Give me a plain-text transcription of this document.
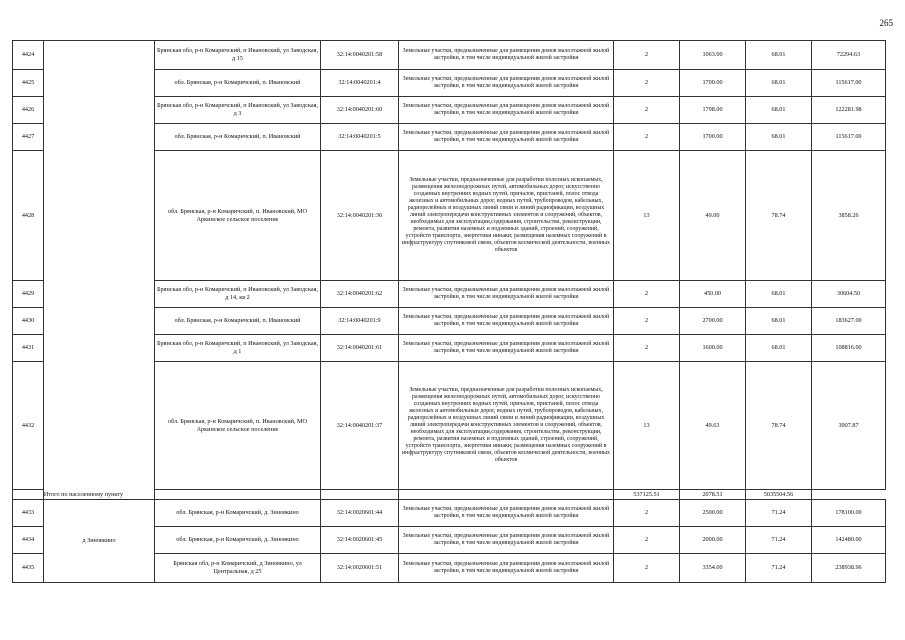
265
4424		Брянская обл, р-н Комаричский, п Ивановский, ул Заводская, д 15	32:14:0040201:58	Земельные участки, предназначенные для размещения домов малоэтажной жилой застройки, в том числе индивидуальной жилой застройки	2	1063.00	68.01	72294.63
4425		обл. Брянская, р-н Комаричский, п. Ивановский	32:14:0040201:4	Земельные участки, предназначенные для размещения домов малоэтажной жилой застройки, в том числе индивидуальной жилой застройки	2	1700.00	68.01	115617.00
4426		Брянская обл, р-н Комаричский, п Ивановский, ул Заводская, д 3	32:14:0040201:60	Земельные участки, предназначенные для размещения домов малоэтажной жилой застройки, в том числе индивидуальной жилой застройки	2	1798.00	68.01	122281.98
4427		обл. Брянская, р-н Комаричский, п. Ивановский	32:14:0040201:5	Земельные участки, предназначенные для размещения домов малоэтажной жилой застройки, в том числе индивидуальной жилой застройки	2	1700.00	68.01	115617.00
4428		обл. Брянская, р-н Комаричский, п. Ивановский, МО Аркинское сельское поселение	32:14:0040201:36	Земельные участки, предназначенные для разработки полезных ископаемых, размещения железнодорожных путей, автомобильных дорог, искусственно созданных внутренних водных путей, причалов, пристаней, полос отвода железных и автомобильных дорог, водных путей, трубопроводов, кабельных, радиорелейных и воздушных линий связи и линий радиофикации, воздушных линий электропередачи конструктивных элементов и сооружений, объектов, необходимых для эксплуатации,содержания, строительства, реконструкции, ремонта, развития наземных и подземных зданий, строений, сооружений, устройств транспорта, энергетики иинаки; размещения наземных сооружений в инфраструктуру спутниковой связи, объектов космической деятельности, военных объектов	13	49.00	78.74	3858.26
4429		Брянская обл, р-н Комаричский, п Ивановский, ул Заводская, д 14, кв 2	32:14:0040201:62	Земельные участки, предназначенные для размещения домов малоэтажной жилой застройки, в том числе индивидуальной жилой застройки	2	450.00	68.01	30604.50
4430		обл. Брянская, р-н Комаричский, п. Ивановский	32:14:0040201:9	Земельные участки, предназначенные для размещения домов малоэтажной жилой застройки, в том числе индивидуальной жилой застройки	2	2700.00	68.01	183627.00
4431		Брянская обл, р-н Комаричский, п Ивановский, ул Заводская, д 1	32:14:0040201:61	Земельные участки, предназначенные для размещения домов малоэтажной жилой застройки, в том числе индивидуальной жилой застройки	2	1600.00	68.01	108816.00
4432		обл. Брянская, р-н Комаричский, п. Ивановский, МО Аркинское сельское поселение	32:14:0040201:37	Земельные участки, предназначенные для разработки полезных ископаемых, размещения железнодорожных путей, автомобильных дорог, искусственно созданных внутренних водных путей, причалов, пристаней, полос отвода железных и автомобильных дорог, водных путей, трубопроводов, кабельных, радиорелейных и воздушных линий связи и линий радиофикации, воздушных линий электропередачи конструктивных элементов и сооружений, объектов, необходимых для эксплуатации,содержания, строительства, реконструкции, ремонта, развития наземных и подземных зданий, строений, сооружений, устройств транспорта, энергетики иинаки; размещения наземных сооружений в инфраструктуру спутниковой связи, объектов космической деятельности, военных объектов	13	49.63	78.74	3907.87
Итого по населенному пункту					537125.51	2078.51	5035504.56	
4433	д Зиновкино	обл. Брянская, р-н Комаричский, д. Зиновкино	32:14:0020601:44	Земельные участки, предназначенные для размещения домов малоэтажной жилой застройки, в том числе индивидуальной жилой застройки	2	2500.00	71.24	178100.00
4434		обл. Брянская, р-н Комаричский, д. Зиновкино	32:14:0020601:45	Земельные участки, предназначенные для размещения домов малоэтажной жилой застройки, в том числе индивидуальной жилой застройки	2	2000.00	71.24	142480.00
4435		Брянская обл, р-н Комаричский, д Зиновкино, ул Центральная, д 25	32:14:0020601:51	Земельные участки, предназначенные для размещения домов малоэтажной жилой застройки, в том числе индивидуальной жилой застройки	2	3354.00	71.24	238938.96
